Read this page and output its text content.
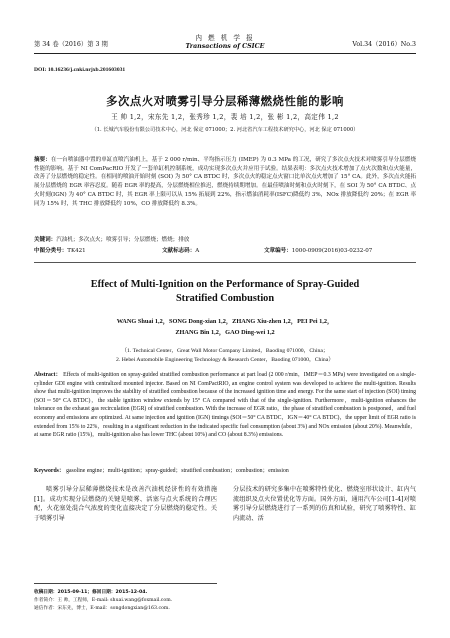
第 34 卷（2016）第 3 期
内 燃 机 学 报
Transactions of CSICE	Vol.34（2016）No.3
DOI: 10.16236/j.cnki.nrjxb.201603031
多次点火对喷雾引导分层稀薄燃烧性能的影响
王 帅 1,2，宋东先 1,2，张秀珍 1,2，裴 培 1,2，张 彬 1,2，高定伟 1,2
（1. 长城汽车股份有限公司技术中心，河北 保定 071000；2. 河北省汽车工程技术研究中心，河北 保定 071000）
摘要：在一台喷油器中置的单缸直喷汽油机上，基于 2 000 r/min、平均指示压力 (IMEP) 为 0.3 MPa 的工况，研究了多次点火技术对喷雾引导分层燃烧性能的影响。基于 NI ComPacRIO 开发了一套单缸机控制系统，成功实现多次点火并应用于试验。结果表明：多次点火技术增加了点火次数和点火能量，改善了分层燃烧的稳定性。在相同的喷油开始时刻 (SOI) 为 50° CA BTDC 时，多次点火的稳定点火窗口比单次点火增加了 15° CA。此外，多次点火能拓展分层燃烧的 EGR 率容忍度。随着 EGR 率的提高，分层燃烧相位推迟，燃烧持续期增加。在最佳喷油时刻和点火时刻下，在 SOI 为 50° CA BTDC、点火时刻(IGN) 为 40° CA BTDC 时，其 EGR 率上限可以从 15% 拓展到 22%，指示燃油消耗率(ISFC)降低约 3%，NOx 排放降低约 20%；在 EGR 率同为 15% 时，其 THC 排放降低约 10%，CO 排放降低约 8.3%。
关键词：汽油机；多次点火；喷雾引导；分层燃烧；燃烧；排放
中图分类号：TK421	文献标志码：A	文章编号：1000-0909(2016)03-0232-07
Effect of Multi-Ignition on the Performance of Spray-Guided
Stratified Combustion
WANG Shuai 1,2，SONG Dong-xian 1,2，ZHANG Xiu-zhen 1,2，PEI Pei 1,2，
ZHANG Bin 1,2，GAO Ding-wei 1,2
（1. Technical Center，Great Wall Motor Company Limited，Baoding 071000，China；
2. Hebei Automobile Engineering Technology & Research Center，Baoding 071000，China）
Abstract： Effects of multi-ignition on spray-guided stratified combustion performance at part load (2 000 r/min，IMEP＝0.3 MPa) were investigated on a single-cylinder GDI engine with centralized mounted injector. Based on NI ComPactRIO, an engine control system was developed to achieve the multi-ignition. Results show that multi-ignition improves the stability of stratified combustion because of the increased ignition time and energy. For the same start of injection (SOI) timing (SOI＝50° CA BTDC)，the stable ignition window extends by 15° CA compared with that of the single-ignition. Furthermore，multi-ignition enhances the tolerance on the exhaust gas recirculation (EGR) of stratified combustion. With the increase of EGR ratio，the phase of stratified combustion is postponed，and fuel economy and emissions are optimized. At same injection and ignition (IGN) timings (SOI＝50° CA BTDC，IGN＝40° CA BTDC)，the upper limit of EGR ratio is extended from 15% to 22%，resulting in a significant reduction in the indicated specific fuel consumption (about 3%) and NOx emission (about 20%). Meanwhile，at same EGR ratio (15%)，multi-ignition also has lower THC (about 10%) and CO (about 8.3%) emissions.
Keywords： gasoline engine；multi-ignition；spray-guided；stratified combustion；combustion；emission
喷雾引导分层稀薄燃烧技术是改善汽油机经济性的有效措施[1]。成功实现分层燃烧的关键是喷雾、活塞与点火系统的合理匹配，火花塞处混合气浓度的变化直接决定了分层燃烧的稳定性。关于喷雾引导
分层技术的研究多集中在喷雾特性优化、燃烧室形状设计、缸内气流组织及点火位置优化等方面。国外方面，通用汽车公司[1-4]对喷雾引导分层燃烧进行了一系列的仿真和试验，研究了喷雾特性、缸内流动、活
收稿日期：2015-09-11；修回日期：2015-12-04.
作者简介：王 帅，工程师，E-mail: shuai.wang@foxmail.com.
通信作者：宋东先，博士，E-mail：songdongxian@163.com.
